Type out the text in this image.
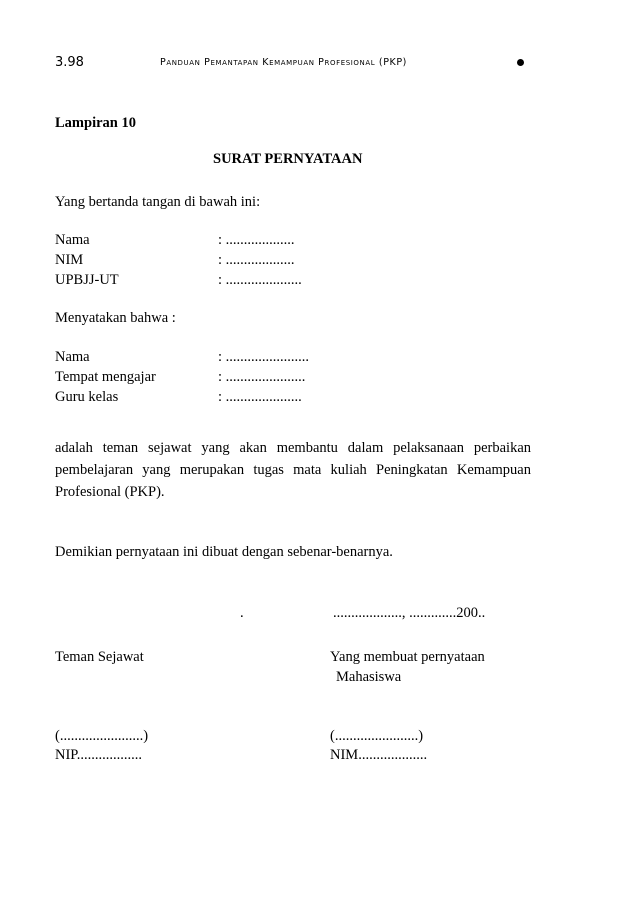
3.98	Panduan Pemantapan Kemampuan Profesional (PKP)
Lampiran 10
SURAT PERNYATAAN
Yang bertanda tangan di bawah ini:
Nama	: ...................
NIM	: ...................
UPBJJ-UT	: .....................
Menyatakan bahwa :
Nama	: .......................
Tempat mengajar	: ......................
Guru kelas	: .....................
adalah teman sejawat yang akan membantu dalam pelaksanaan perbaikan pembelajaran yang merupakan tugas mata kuliah Peningkatan Kemampuan Profesional (PKP).
Demikian pernyataan ini dibuat dengan sebenar-benarnya.
.	..................., .............200..
Teman Sejawat	Yang membuat pernyataan
Mahasiswa
(.......................)	(.......................)
NIP..................	NIM...................
